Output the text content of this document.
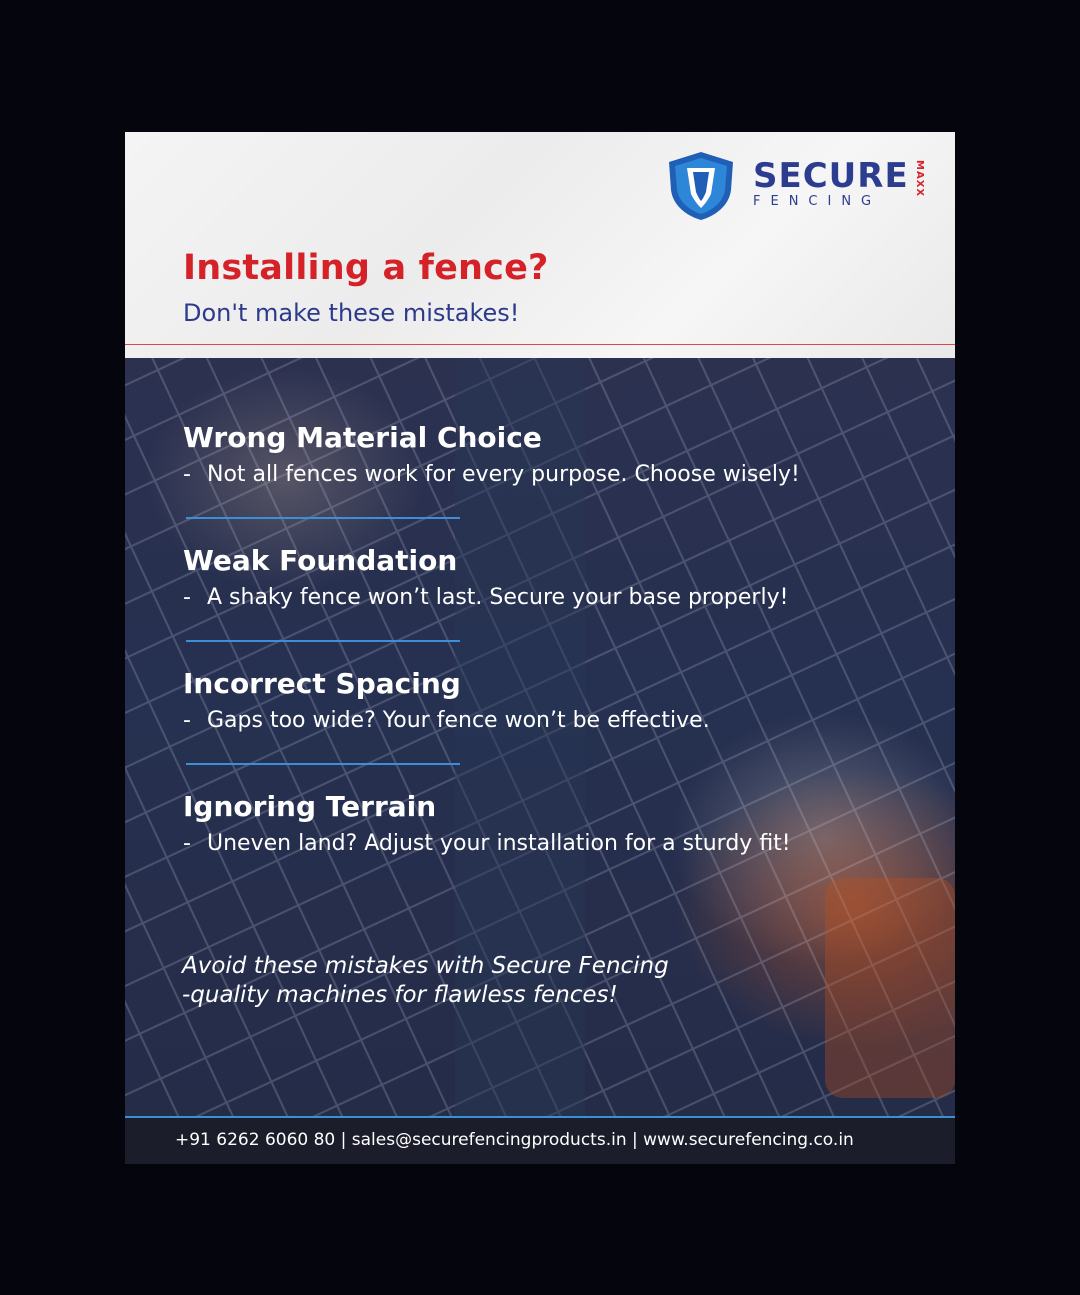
SECURE
FENCING
MAXX
Installing a fence?
Don't make these mistakes!
Wrong Material Choice
- Not all fences work for every purpose. Choose wisely!
Weak Foundation
- A shaky fence won’t last. Secure your base properly!
Incorrect Spacing
- Gaps too wide? Your fence won’t be effective.
Ignoring Terrain
- Uneven land? Adjust your installation for a sturdy fit!
Avoid these mistakes with Secure Fencing
-quality machines for flawless fences!
+91 6262 6060 80 | sales@securefencingproducts.in | www.securefencing.co.in
